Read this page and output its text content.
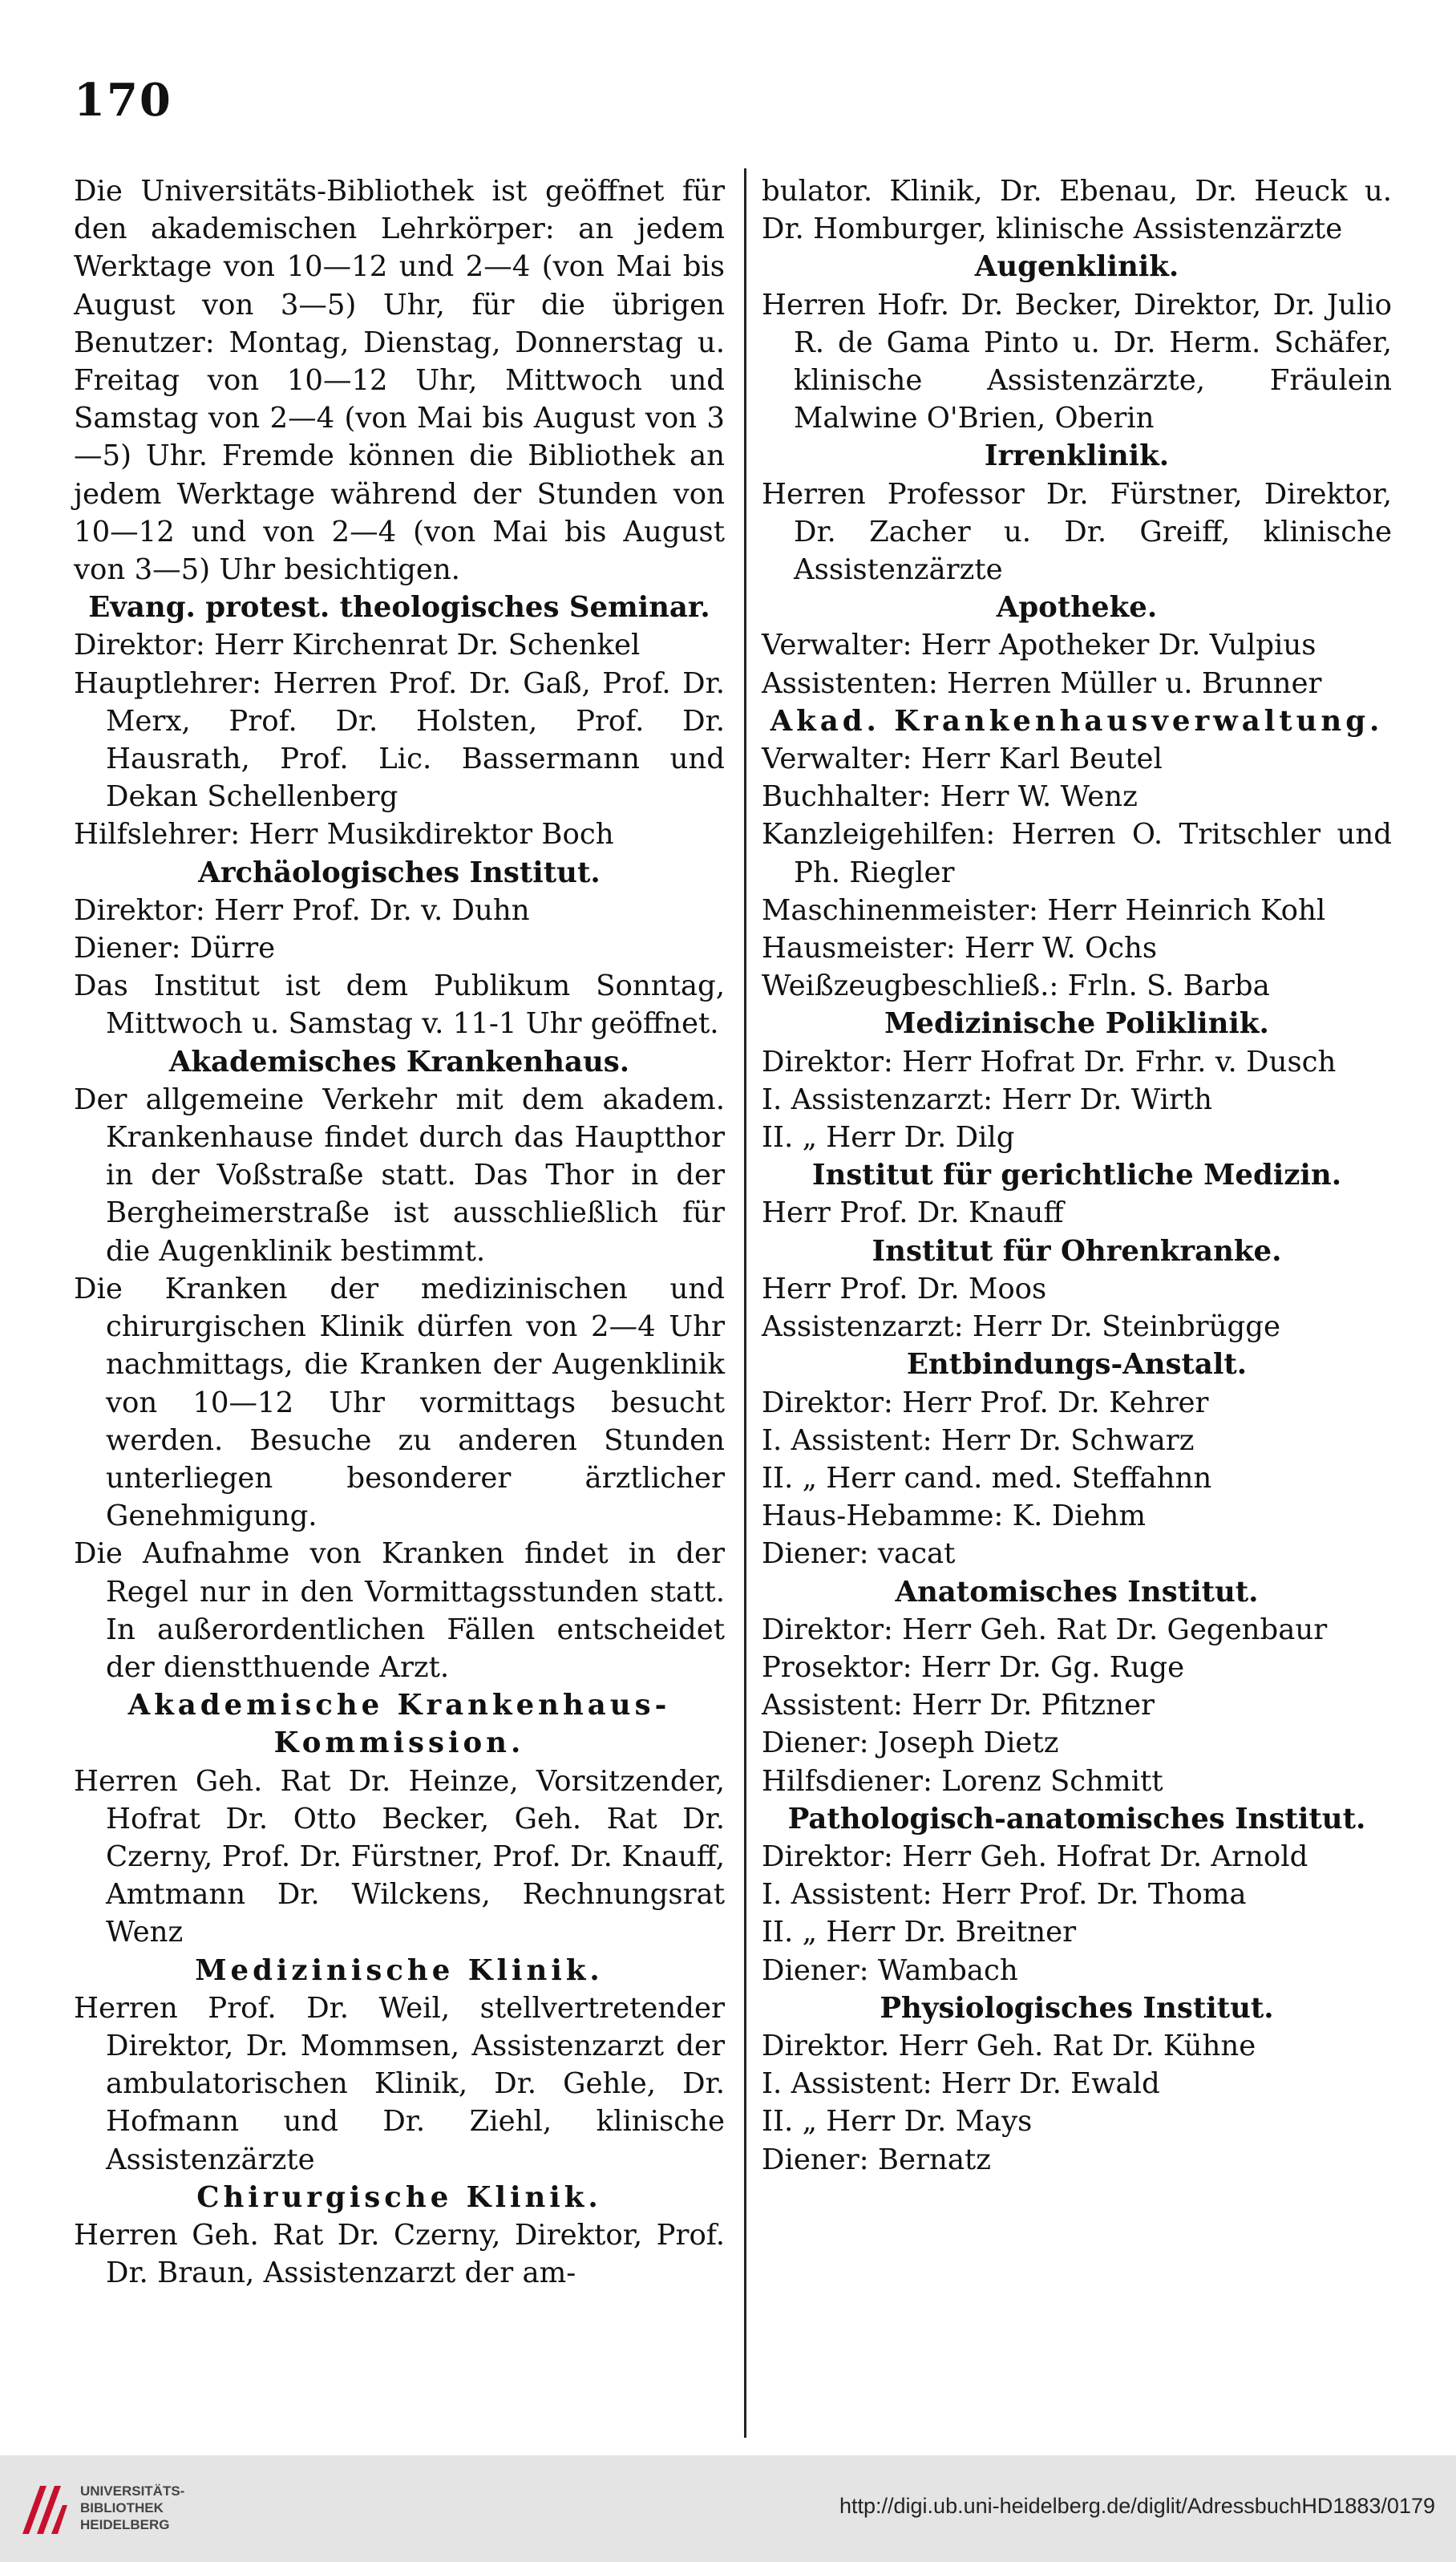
170

Die Universitäts-Bibliothek ist geöffnet für den akademischen Lehrkörper: an jedem Werktage von 10—12 und 2—4 (von Mai bis August von 3—5) Uhr, für die übrigen Benutzer: Montag, Dienstag, Donnerstag u. Freitag von 10—12 Uhr, Mittwoch und Samstag von 2—4 (von Mai bis August von 3—5) Uhr. Fremde können die Bibliothek an jedem Werktage während der Stunden von 10—12 und von 2—4 (von Mai bis August von 3—5) Uhr besichtigen.

Evang. protest. theologisches Seminar.

Direktor: Herr Kirchenrat Dr. Schenkel

Hauptlehrer: Herren Prof. Dr. Gaß, Prof. Dr. Merx, Prof. Dr. Holsten, Prof. Dr. Hausrath, Prof. Lic. Bassermann und Dekan Schellenberg

Hilfslehrer: Herr Musikdirektor Boch

Archäologisches Institut.

Direktor: Herr Prof. Dr. v. Duhn

Diener: Dürre

Das Institut ist dem Publikum Sonntag, Mittwoch u. Samstag v. 11-1 Uhr geöffnet.

Akademisches Krankenhaus.

Der allgemeine Verkehr mit dem akadem. Krankenhause findet durch das Hauptthor in der Voßstraße statt. Das Thor in der Bergheimerstraße ist ausschließlich für die Augenklinik bestimmt.

Die Kranken der medizinischen und chirurgischen Klinik dürfen von 2—4 Uhr nachmittags, die Kranken der Augenklinik von 10—12 Uhr vormittags besucht werden. Besuche zu anderen Stunden unterliegen besonderer ärztlicher Genehmigung.

Die Aufnahme von Kranken findet in der Regel nur in den Vormittagsstunden statt. In außerordentlichen Fällen entscheidet der dienstthuende Arzt.

Akademische Krankenhaus-Kommission.

Herren Geh. Rat Dr. Heinze, Vorsitzender, Hofrat Dr. Otto Becker, Geh. Rat Dr. Czerny, Prof. Dr. Fürstner, Prof. Dr. Knauff, Amtmann Dr. Wilckens, Rechnungsrat Wenz

Medizinische Klinik.

Herren Prof. Dr. Weil, stellvertretender Direktor, Dr. Mommsen, Assistenzarzt der ambulatorischen Klinik, Dr. Gehle, Dr. Hofmann und Dr. Ziehl, klinische Assistenzärzte

Chirurgische Klinik.

Herren Geh. Rat Dr. Czerny, Direktor, Prof. Dr. Braun, Assistenzarzt der am-

bulator. Klinik, Dr. Ebenau, Dr. Heuck u. Dr. Homburger, klinische Assistenzärzte

Augenklinik.

Herren Hofr. Dr. Becker, Direktor, Dr. Julio R. de Gama Pinto u. Dr. Herm. Schäfer, klinische Assistenzärzte, Fräulein Malwine O'Brien, Oberin

Irrenklinik.

Herren Professor Dr. Fürstner, Direktor, Dr. Zacher u. Dr. Greiff, klinische Assistenzärzte

Apotheke.

Verwalter: Herr Apotheker Dr. Vulpius

Assistenten: Herren Müller u. Brunner

Akad. Krankenhausverwaltung.

Verwalter: Herr Karl Beutel

Buchhalter: Herr W. Wenz

Kanzleigehilfen: Herren O. Tritschler und Ph. Riegler

Maschinenmeister: Herr Heinrich Kohl

Hausmeister: Herr W. Ochs

Weißzeugbeschließ.: Frln. S. Barba

Medizinische Poliklinik.

Direktor: Herr Hofrat Dr. Frhr. v. Dusch

I. Assistenzarzt: Herr Dr. Wirth

II. „ Herr Dr. Dilg

Institut für gerichtliche Medizin.

Herr Prof. Dr. Knauff

Institut für Ohrenkranke.

Herr Prof. Dr. Moos

Assistenzarzt: Herr Dr. Steinbrügge

Entbindungs-Anstalt.

Direktor: Herr Prof. Dr. Kehrer

I. Assistent: Herr Dr. Schwarz

II. „ Herr cand. med. Steffahnn

Haus-Hebamme: K. Diehm

Diener: vacat

Anatomisches Institut.

Direktor: Herr Geh. Rat Dr. Gegenbaur

Prosektor: Herr Dr. Gg. Ruge

Assistent: Herr Dr. Pfitzner

Diener: Joseph Dietz

Hilfsdiener: Lorenz Schmitt

Pathologisch-anatomisches Institut.

Direktor: Herr Geh. Hofrat Dr. Arnold

I. Assistent: Herr Prof. Dr. Thoma

II. „ Herr Dr. Breitner

Diener: Wambach

Physiologisches Institut.

Direktor. Herr Geh. Rat Dr. Kühne

I. Assistent: Herr Dr. Ewald

II. „ Herr Dr. Mays

Diener: Bernatz

UNIVERSITÄTS-
BIBLIOTHEK
HEIDELBERG
http://digi.ub.uni-heidelberg.de/diglit/AdressbuchHD1883/0179
